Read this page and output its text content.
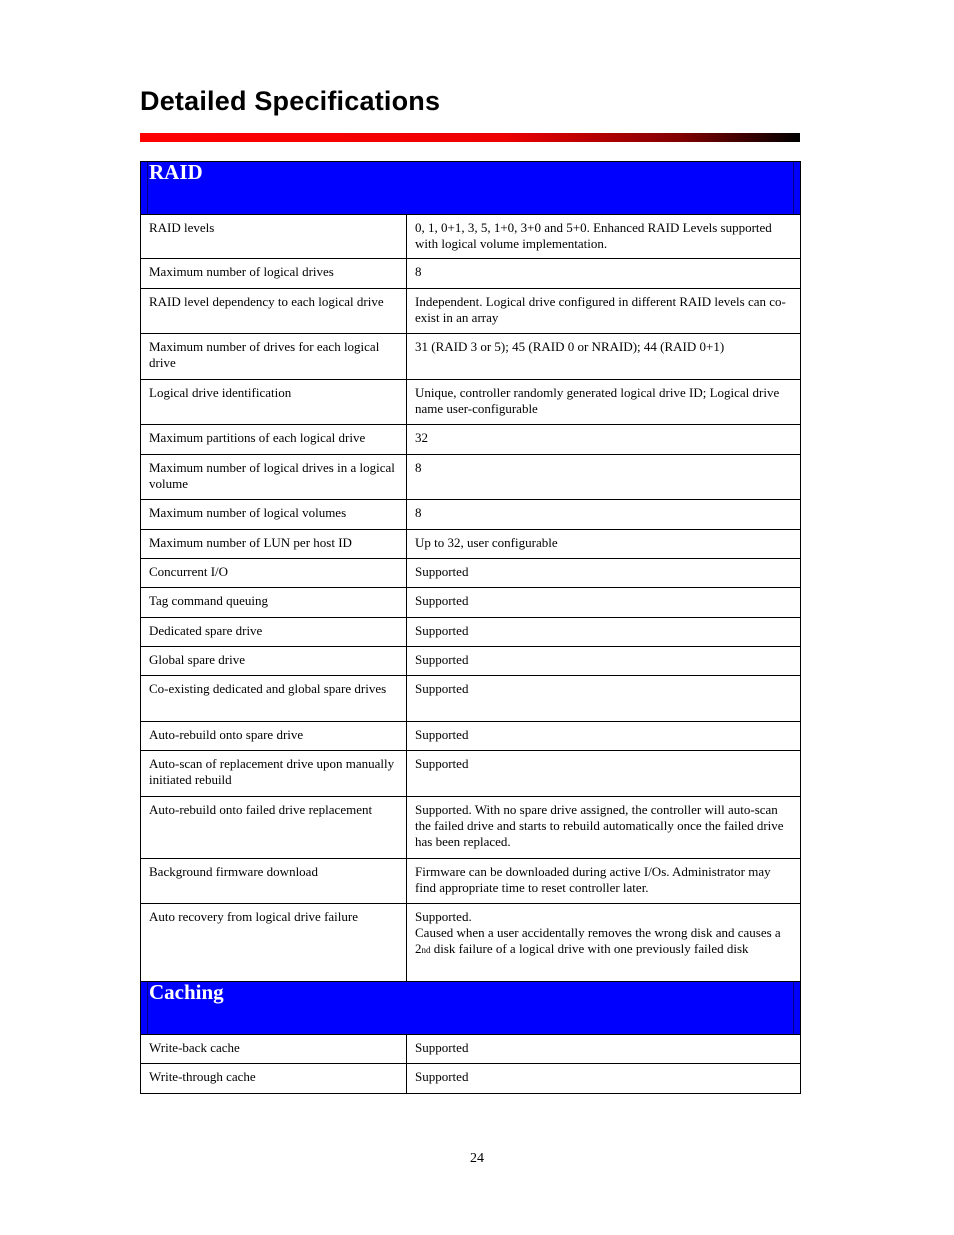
Detailed Specifications
RAID	

RAID levels	0, 1, 0+1, 3, 5, 1+0, 3+0 and 5+0. Enhanced RAID Levels supported with logical volume implementation.
Maximum number of logical drives	8
RAID level dependency to each logical drive	Independent. Logical drive configured in different RAID levels can co-exist in an array
Maximum number of drives for each logical drive	31 (RAID 3 or 5); 45 (RAID 0 or NRAID); 44 (RAID 0+1)
Logical drive identification	Unique, controller randomly generated logical drive ID; Logical drive name user-configurable
Maximum partitions of each logical drive	32
Maximum number of logical drives in a logical volume	8
Maximum number of logical volumes	8
Maximum number of LUN per host ID	Up to 32, user configurable
Concurrent I/O	Supported
Tag command queuing	Supported
Dedicated spare drive	Supported
Global spare drive	Supported
Co-existing dedicated and global spare drives	Supported
Auto-rebuild onto spare drive	Supported
Auto-scan of replacement drive upon manually initiated rebuild	Supported
Auto-rebuild onto failed drive replacement	Supported. With no spare drive assigned, the controller will auto-scan the failed drive and starts to rebuild automatically once the failed drive has been replaced.
Background firmware download	Firmware can be downloaded during active I/Os. Administrator may find appropriate time to reset controller later.
Auto recovery from logical drive failure	Supported.
Caused when a user accidentally removes the wrong disk and causes a 2nd disk failure of a logical drive with one previously failed disk

Caching	

Write-back cache	Supported
Write-through cache	Supported
24
